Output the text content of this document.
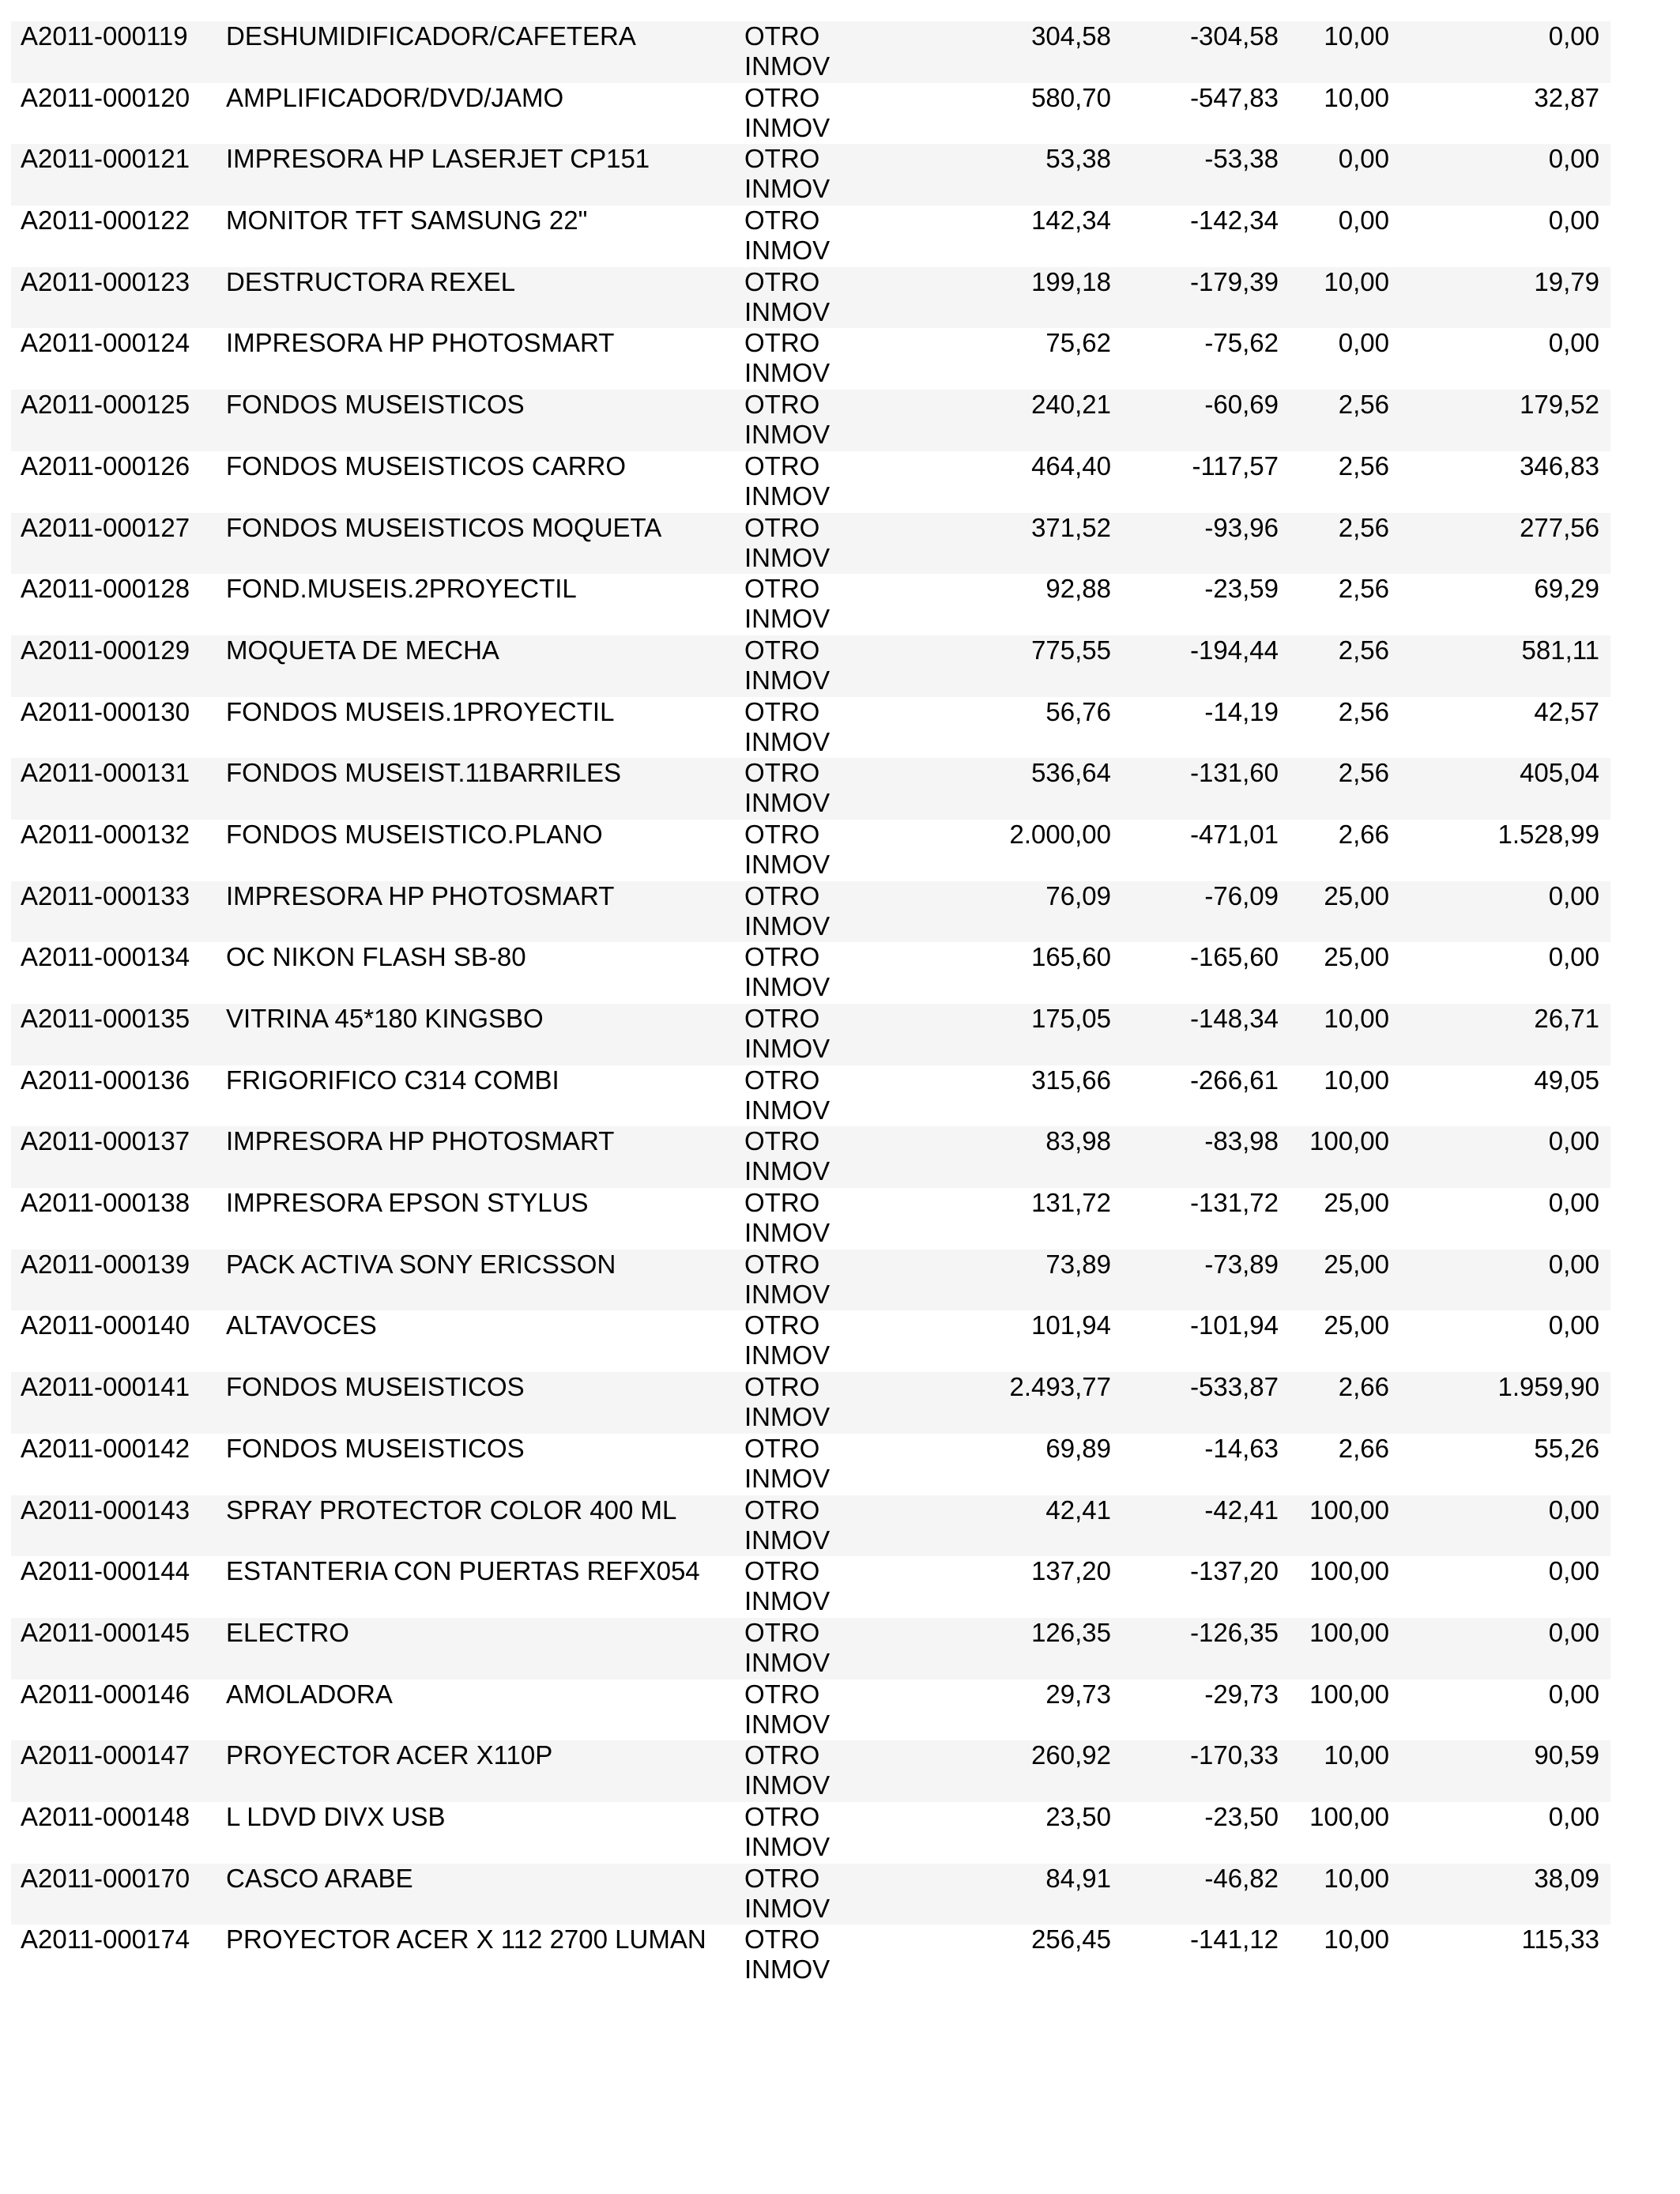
A2011-000119	DESHUMIDIFICADOR/CAFETERA	OTRO INMOV	304,58	-304,58	10,00	0,00
A2011-000120	AMPLIFICADOR/DVD/JAMO	OTRO INMOV	580,70	-547,83	10,00	32,87
A2011-000121	IMPRESORA HP LASERJET CP151	OTRO INMOV	53,38	-53,38	0,00	0,00
A2011-000122	MONITOR TFT SAMSUNG 22"	OTRO INMOV	142,34	-142,34	0,00	0,00
A2011-000123	DESTRUCTORA REXEL	OTRO INMOV	199,18	-179,39	10,00	19,79
A2011-000124	IMPRESORA HP PHOTOSMART	OTRO INMOV	75,62	-75,62	0,00	0,00
A2011-000125	FONDOS MUSEISTICOS	OTRO INMOV	240,21	-60,69	2,56	179,52
A2011-000126	FONDOS MUSEISTICOS CARRO	OTRO INMOV	464,40	-117,57	2,56	346,83
A2011-000127	FONDOS MUSEISTICOS MOQUETA	OTRO INMOV	371,52	-93,96	2,56	277,56
A2011-000128	FOND.MUSEIS.2PROYECTIL	OTRO INMOV	92,88	-23,59	2,56	69,29
A2011-000129	MOQUETA DE MECHA	OTRO INMOV	775,55	-194,44	2,56	581,11
A2011-000130	FONDOS MUSEIS.1PROYECTIL	OTRO INMOV	56,76	-14,19	2,56	42,57
A2011-000131	FONDOS MUSEIST.11BARRILES	OTRO INMOV	536,64	-131,60	2,56	405,04
A2011-000132	FONDOS MUSEISTICO.PLANO	OTRO INMOV	2.000,00	-471,01	2,66	1.528,99
A2011-000133	IMPRESORA HP PHOTOSMART	OTRO INMOV	76,09	-76,09	25,00	0,00
A2011-000134	OC NIKON FLASH SB-80	OTRO INMOV	165,60	-165,60	25,00	0,00
A2011-000135	VITRINA 45*180 KINGSBO	OTRO INMOV	175,05	-148,34	10,00	26,71
A2011-000136	FRIGORIFICO C314 COMBI	OTRO INMOV	315,66	-266,61	10,00	49,05
A2011-000137	IMPRESORA HP PHOTOSMART	OTRO INMOV	83,98	-83,98	100,00	0,00
A2011-000138	IMPRESORA EPSON STYLUS	OTRO INMOV	131,72	-131,72	25,00	0,00
A2011-000139	PACK ACTIVA SONY ERICSSON	OTRO INMOV	73,89	-73,89	25,00	0,00
A2011-000140	ALTAVOCES	OTRO INMOV	101,94	-101,94	25,00	0,00
A2011-000141	FONDOS MUSEISTICOS	OTRO INMOV	2.493,77	-533,87	2,66	1.959,90
A2011-000142	FONDOS MUSEISTICOS	OTRO INMOV	69,89	-14,63	2,66	55,26
A2011-000143	SPRAY PROTECTOR COLOR 400 ML	OTRO INMOV	42,41	-42,41	100,00	0,00
A2011-000144	ESTANTERIA CON PUERTAS REFX054	OTRO INMOV	137,20	-137,20	100,00	0,00
A2011-000145	ELECTRO	OTRO INMOV	126,35	-126,35	100,00	0,00
A2011-000146	AMOLADORA	OTRO INMOV	29,73	-29,73	100,00	0,00
A2011-000147	PROYECTOR ACER X110P	OTRO INMOV	260,92	-170,33	10,00	90,59
A2011-000148	L LDVD DIVX USB	OTRO INMOV	23,50	-23,50	100,00	0,00
A2011-000170	CASCO ARABE	OTRO INMOV	84,91	-46,82	10,00	38,09
A2011-000174	PROYECTOR ACER X 112 2700 LUMAN	OTRO INMOV	256,45	-141,12	10,00	115,33
